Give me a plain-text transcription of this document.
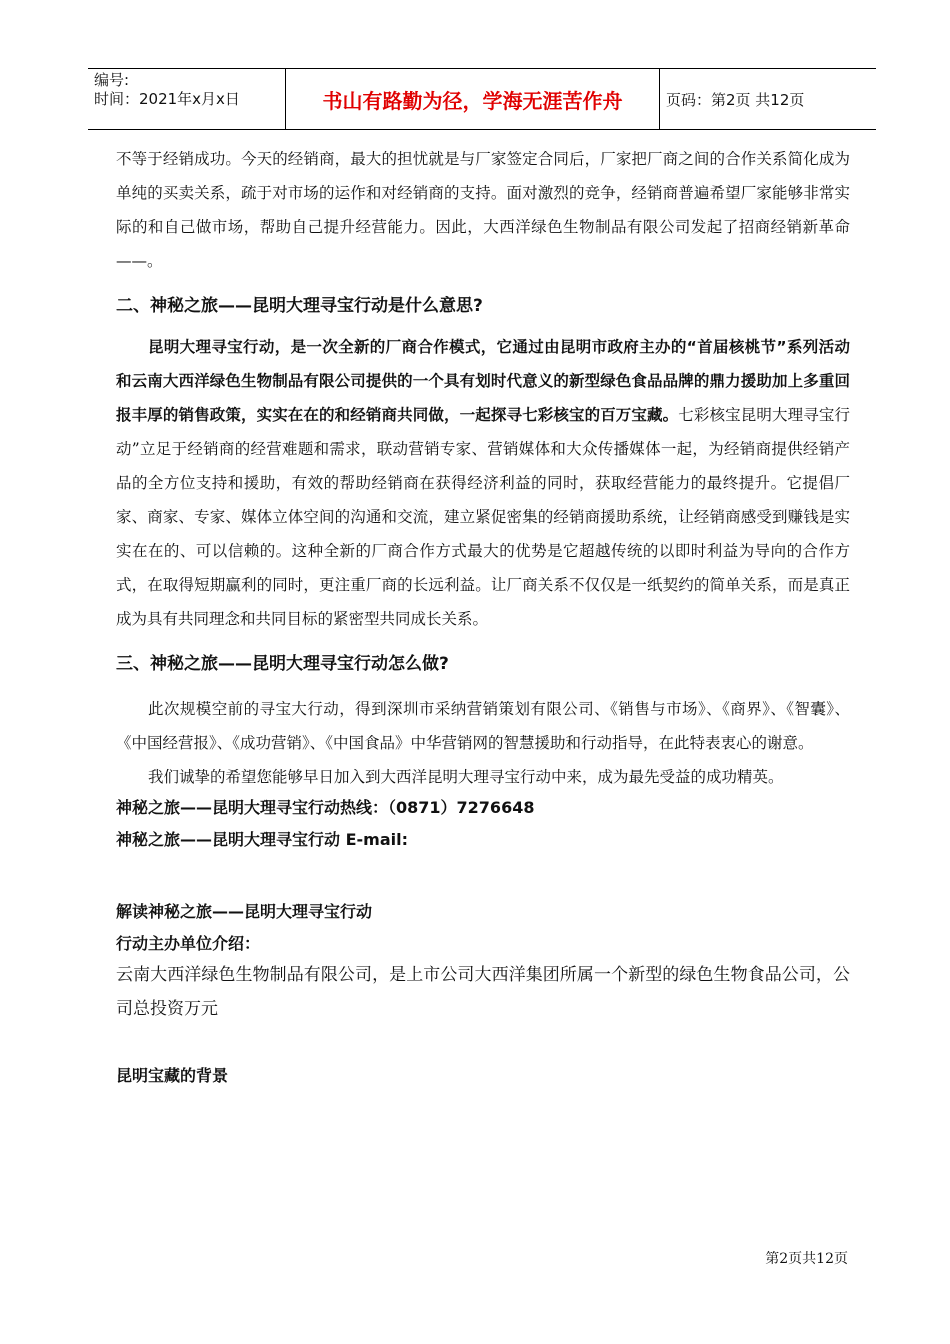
编号:
时间：2021年x月x日	书山有路勤为径，学海无涯苦作舟	页码：第2页 共12页

不等于经销成功。今天的经销商，最大的担忧就是与厂家签定合同后，厂家把厂商之间的合作关系简化成为单纯的买卖关系，疏于对市场的运作和对经销商的支持。面对激烈的竞争，经销商普遍希望厂家能够非常实际的和自己做市场，帮助自己提升经营能力。因此，大西洋绿色生物制品有限公司发起了招商经销新革命——。

二、神秘之旅——昆明大理寻宝行动是什么意思?

昆明大理寻宝行动，是一次全新的厂商合作模式，它通过由昆明市政府主办的“首届核桃节”系列活动和云南大西洋绿色生物制品有限公司提供的一个具有划时代意义的新型绿色食品品牌的鼎力援助加上多重回报丰厚的销售政策，实实在在的和经销商共同做，一起探寻七彩核宝的百万宝藏。七彩核宝昆明大理寻宝行动”立足于经销商的经营难题和需求，联动营销专家、营销媒体和大众传播媒体一起，为经销商提供经销产品的全方位支持和援助，有效的帮助经销商在获得经济利益的同时，获取经营能力的最终提升。它提倡厂家、商家、专家、媒体立体空间的沟通和交流，建立紧促密集的经销商援助系统，让经销商感受到赚钱是实实在在的、可以信赖的。这种全新的厂商合作方式最大的优势是它超越传统的以即时利益为导向的合作方式，在取得短期赢利的同时，更注重厂商的长远利益。让厂商关系不仅仅是一纸契约的简单关系，而是真正成为具有共同理念和共同目标的紧密型共同成长关系。

三、神秘之旅——昆明大理寻宝行动怎么做?

此次规模空前的寻宝大行动，得到深圳市采纳营销策划有限公司、《销售与市场》、《商界》、《智囊》、《中国经营报》、《成功营销》、《中国食品》中华营销网的智慧援助和行动指导，在此特表衷心的谢意。

我们诚挚的希望您能够早日加入到大西洋昆明大理寻宝行动中来，成为最先受益的成功精英。

神秘之旅——昆明大理寻宝行动热线：（0871）7276648
神秘之旅——昆明大理寻宝行动 E-mail:
解读神秘之旅——昆明大理寻宝行动
行动主办单位介绍：

云南大西洋绿色生物制品有限公司，是上市公司大西洋集团所属一个新型的绿色生物食品公司，公司总投资万元

昆明宝藏的背景
第2页共12页
